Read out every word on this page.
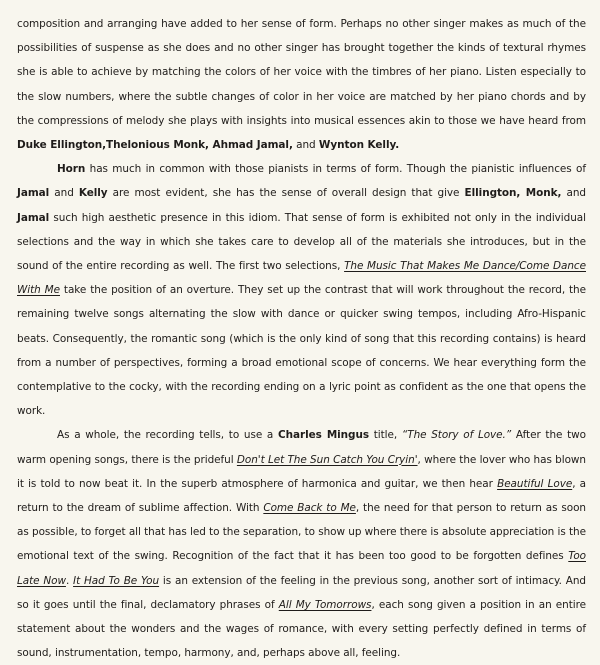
composition and arranging have added to her sense of form. Perhaps no other singer makes as much of the possibilities of suspense as she does and no other singer has brought together the kinds of textural rhymes she is able to achieve by matching the colors of her voice with the timbres of her piano. Listen especially to the slow numbers, where the subtle changes of color in her voice are matched by her piano chords and by the compressions of melody she plays with insights into musical essences akin to those we have heard from Duke Ellington,Thelonious Monk, Ahmad Jamal, and Wynton Kelly.

Horn has much in common with those pianists in terms of form. Though the pianistic influences of Jamal and Kelly are most evident, she has the sense of overall design that give Ellington, Monk, and Jamal such high aesthetic presence in this idiom. That sense of form is exhibited not only in the individual selections and the way in which she takes care to develop all of the materials she introduces, but in the sound of the entire recording as well. The first two selections, The Music That Makes Me Dance/Come Dance With Me take the position of an overture. They set up the contrast that will work throughout the record, the remaining twelve songs alternating the slow with dance or quicker swing tempos, including Afro-Hispanic beats. Consequently, the romantic song (which is the only kind of song that this recording contains) is heard from a number of perspectives, forming a broad emotional scope of concerns. We hear everything form the contemplative to the cocky, with the recording ending on a lyric point as confident as the one that opens the work.

As a whole, the recording tells, to use a Charles Mingus title, “The Story of Love.” After the two warm opening songs, there is the prideful Don't Let The Sun Catch You Cryin', where the lover who has blown it is told to now beat it. In the superb atmosphere of harmonica and guitar, we then hear Beautiful Love, a return to the dream of sublime affection. With Come Back to Me, the need for that person to return as soon as possible, to forget all that has led to the separation, to show up where there is absolute appreciation is the emotional text of the swing. Recognition of the fact that it has been too good to be forgotten defines Too Late Now. It Had To Be You is an extension of the feeling in the previous song, another sort of intimacy. And so it goes until the final, declamatory phrases of All My Tomorrows, each song given a position in an entire statement about the wonders and the wages of romance, with every setting perfectly defined in terms of sound, instrumentation, tempo, harmony, and, perhaps above all, feeling.
